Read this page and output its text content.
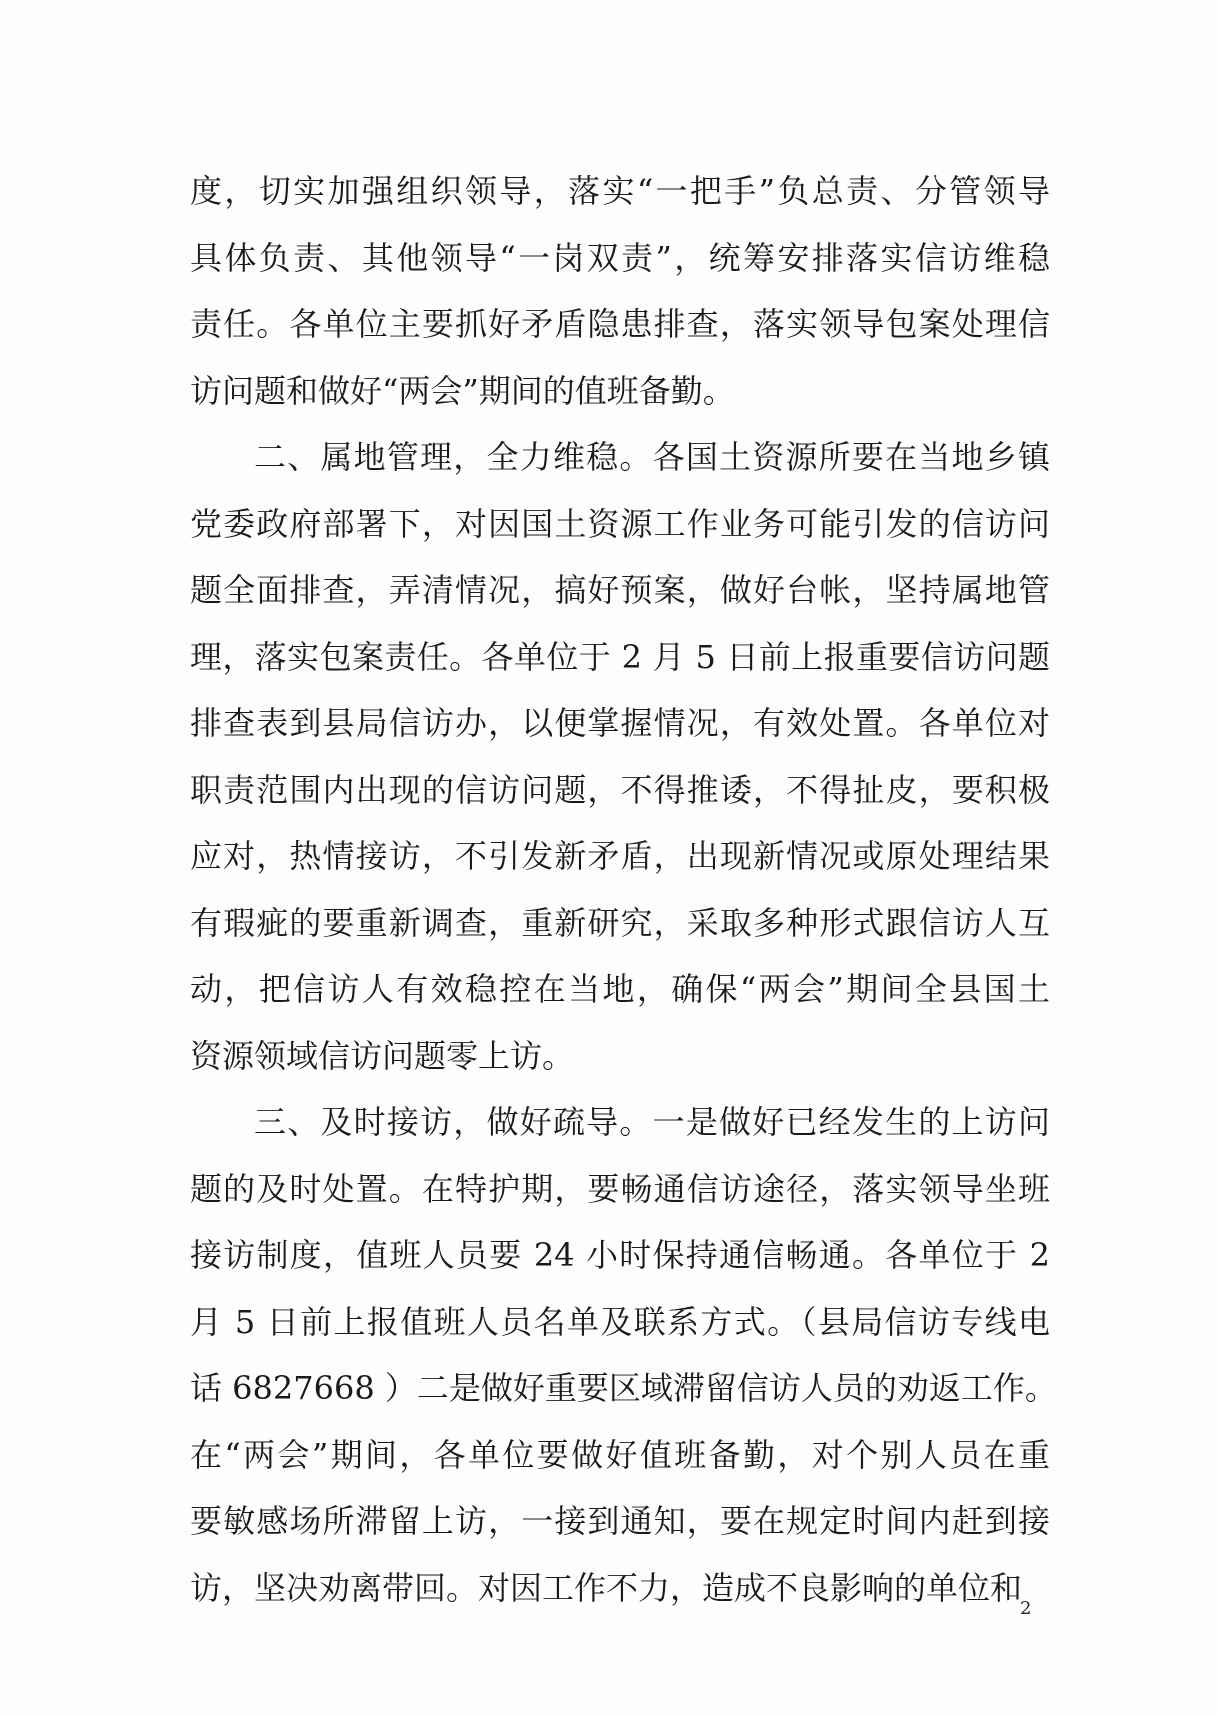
度，切实加强组织领导，落实“一把手”负总责、分管领导
具体负责、其他领导“一岗双责”，统筹安排落实信访维稳
责任。各单位主要抓好矛盾隐患排查，落实领导包案处理信
访问题和做好“两会”期间的值班备勤。
二、属地管理，全力维稳。各国土资源所要在当地乡镇
党委政府部署下，对因国土资源工作业务可能引发的信访问
题全面排查，弄清情况，搞好预案，做好台帐，坚持属地管
理，落实包案责任。各单位于 2 月 5 日前上报重要信访问题
排查表到县局信访办，以便掌握情况，有效处置。各单位对
职责范围内出现的信访问题，不得推诿，不得扯皮，要积极
应对，热情接访，不引发新矛盾，出现新情况或原处理结果
有瑕疵的要重新调查，重新研究，采取多种形式跟信访人互
动，把信访人有效稳控在当地，确保“两会”期间全县国土
资源领域信访问题零上访。
三、及时接访，做好疏导。一是做好已经发生的上访问
题的及时处置。在特护期，要畅通信访途径，落实领导坐班
接访制度，值班人员要 24 小时保持通信畅通。各单位于 2
月 5 日前上报值班人员名单及联系方式。（县局信访专线电
话 6827668 ）二是做好重要区域滞留信访人员的劝返工作。
在“两会”期间，各单位要做好值班备勤，对个别人员在重
要敏感场所滞留上访，一接到通知，要在规定时间内赶到接
访，坚决劝离带回。对因工作不力，造成不良影响的单位和
2
